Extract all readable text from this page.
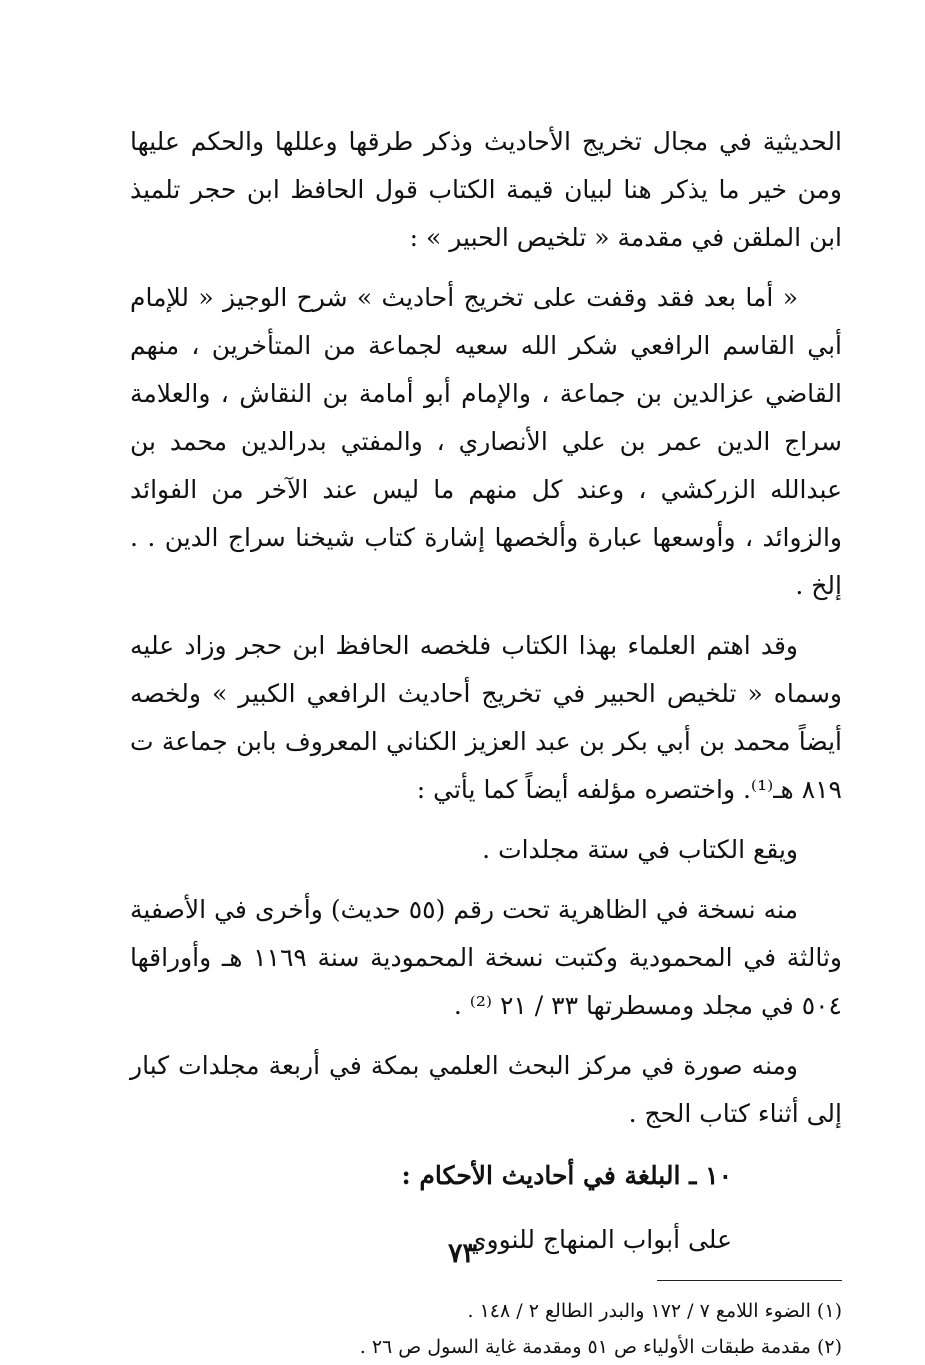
الحديثية في مجال تخريج الأحاديث وذكر طرقها وعللها والحكم عليها ومن خير ما يذكر هنا لبيان قيمة الكتاب قول الحافظ ابن حجر تلميذ ابن الملقن في مقدمة « تلخيص الحبير » :

« أما بعد فقد وقفت على تخريج أحاديث » شرح الوجيز « للإمام أبي القاسم الرافعي شكر الله سعيه لجماعة من المتأخرين ، منهم القاضي عزالدين بن جماعة ، والإمام أبو أمامة بن النقاش ، والعلامة سراج الدين عمر بن علي الأنصاري ، والمفتي بدرالدين محمد بن عبدالله الزركشي ، وعند كل منهم ما ليس عند الآخر من الفوائد والزوائد ، وأوسعها عبارة وألخصها إشارة كتاب شيخنا سراج الدين . . إلخ .

وقد اهتم العلماء بهذا الكتاب فلخصه الحافظ ابن حجر وزاد عليه وسماه « تلخيص الحبير في تخريج أحاديث الرافعي الكبير » ولخصه أيضاً محمد بن أبي بكر بن عبد العزيز الكناني المعروف بابن جماعة ت ٨١٩ هـ⁽¹⁾. واختصره مؤلفه أيضاً كما يأتي :

ويقع الكتاب في ستة مجلدات .

منه نسخة في الظاهرية تحت رقم (٥٥ حديث) وأخرى في الأصفية وثالثة في المحمودية وكتبت نسخة المحمودية سنة ١١٦٩ هـ وأوراقها ٥٠٤ في مجلد ومسطرتها ٣٣ / ٢١ ⁽²⁾ .

ومنه صورة في مركز البحث العلمي بمكة في أربعة مجلدات كبار إلى أثناء كتاب الحج .

١٠ ـ البلغة في أحاديث الأحكام :

على أبواب المنهاج للنووي

(١) الضوء اللامع ٧ / ١٧٢ والبدر الطالع ٢ / ١٤٨ .

(٢) مقدمة طبقات الأولياء ص ٥١ ومقدمة غاية السول ص ٢٦ .

٧٣
